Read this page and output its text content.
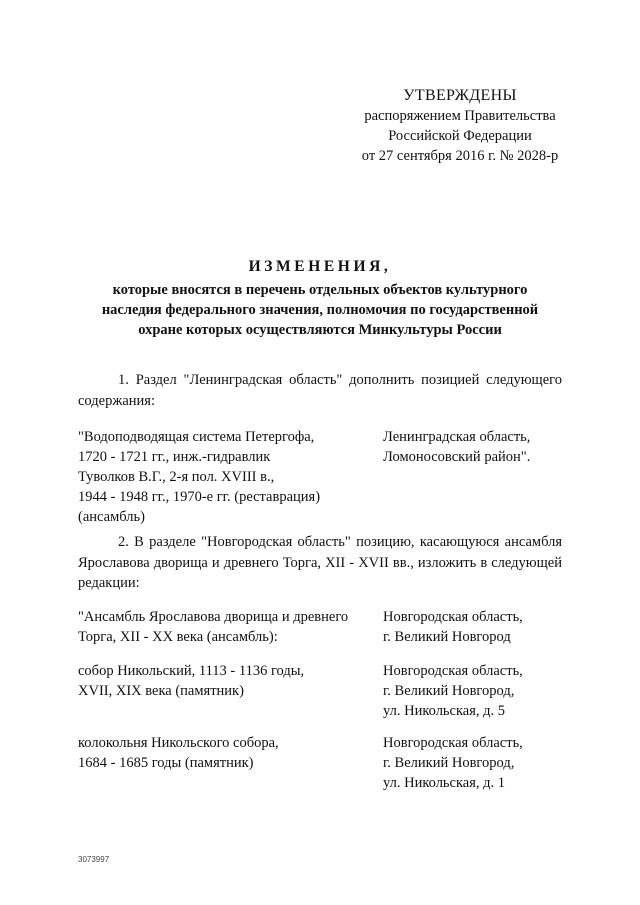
УТВЕРЖДЕНЫ
распоряжением Правительства
Российской Федерации
от 27 сентября 2016 г. № 2028-р
ИЗМЕНЕНИЯ,
которые вносятся в перечень отдельных объектов культурного
наследия федерального значения, полномочия по государственной
охране которых осуществляются Минкультуры России
1. Раздел "Ленинградская область" дополнить позицией следующего содержания:
"Водоподводящая система Петергофа,
1720 - 1721 гг., инж.-гидравлик
Туволков В.Г., 2-я пол. XVIII в.,
1944 - 1948 гг., 1970-е гг. (реставрация)
(ансамбль)
Ленинградская область,
Ломоносовский район".
2. В разделе "Новгородская область" позицию, касающуюся ансамбля Ярославова дворища и древнего Торга, XII - XVII вв., изложить в следующей редакции:
"Ансамбль Ярославова дворища и древнего
Торга, XII - XX века (ансамбль):
Новгородская область,
г. Великий Новгород
собор Никольский, 1113 - 1136 годы,
XVII, XIX века (памятник)
Новгородская область,
г. Великий Новгород,
ул. Никольская, д. 5
колокольня Никольского собора,
1684 - 1685 годы (памятник)
Новгородская область,
г. Великий Новгород,
ул. Никольская, д. 1
3073997
